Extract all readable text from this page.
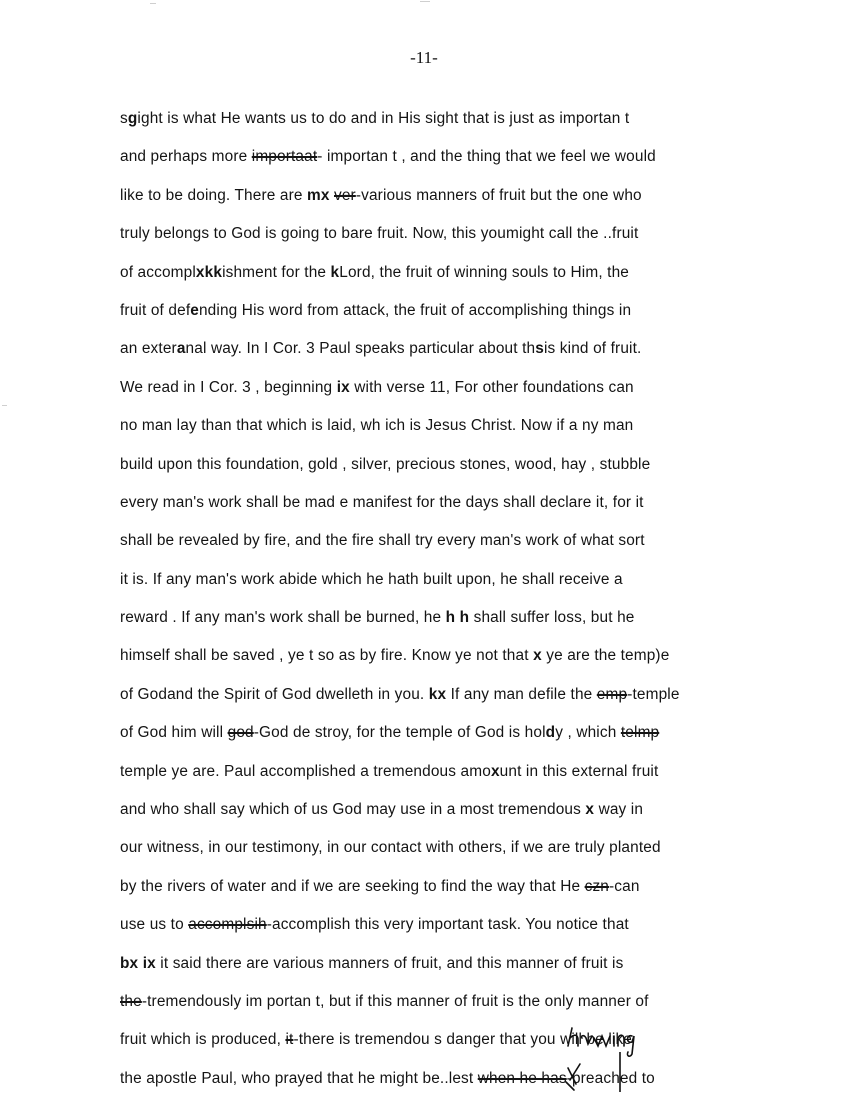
-11-
sgight is what He wants us to do and in His sight that is just as importan t
and perhaps more importaat- importan t , and the thing that we feel we would
like to be doing. There are mx ver-various manners of fruit but the one who
truly belongs to God is going to bare fruit. Now, this youmight call the ..fruit
of accomplxkkishment for the kLord, the fruit of winning souls to Him, the
fruit of defending His word from attack, the fruit of accomplishing things in
an exteranal way. In I Cor. 3 Paul speaks particular about thsis kind of fruit.
We read in I Cor. 3 , beginning ix with verse 11, For other foundations can
no man lay than that which is laid, wh ich is Jesus Christ. Now if a ny man
build upon this foundation, gold , silver, precious stones, wood, hay , stubble
every man's work shall be mad e manifest for the days shall declare it, for it
shall be revealed by fire, and the fire shall try every man's work of what sort
it is. If any man's work abide which he hath built upon, he shall receive a
reward . If any man's work shall be burned, he h h shall suffer loss, but he
himself shall be saved , ye t so as by fire. Know ye not that x ye are the temp)e
of Godand the Spirit of God dwelleth in you. kx If any man defile the emp-temple
of God him will god-God de stroy, for the temple of God is holdy , which telmp
temple ye are. Paul accomplished a tremendous amoxunt in this external fruit
and who shall say which of us God may use in a most tremendous x way in
our witness, in our testimony, in our contact with others, if we are truly planted
by the rivers of water and if we are seeking to find the way that He czn-can
use us to accomplsih-accomplish this very important task. You notice that
bx ix it said there are various manners of fruit, and this manner of fruit is
the-tremendously im portan t, but if this manner of fruit is the only manner of
fruit which is produced, it-there is tremendou s danger that you will be like
the apostle Paul, who prayed that he might be..lest when he has-preached to
